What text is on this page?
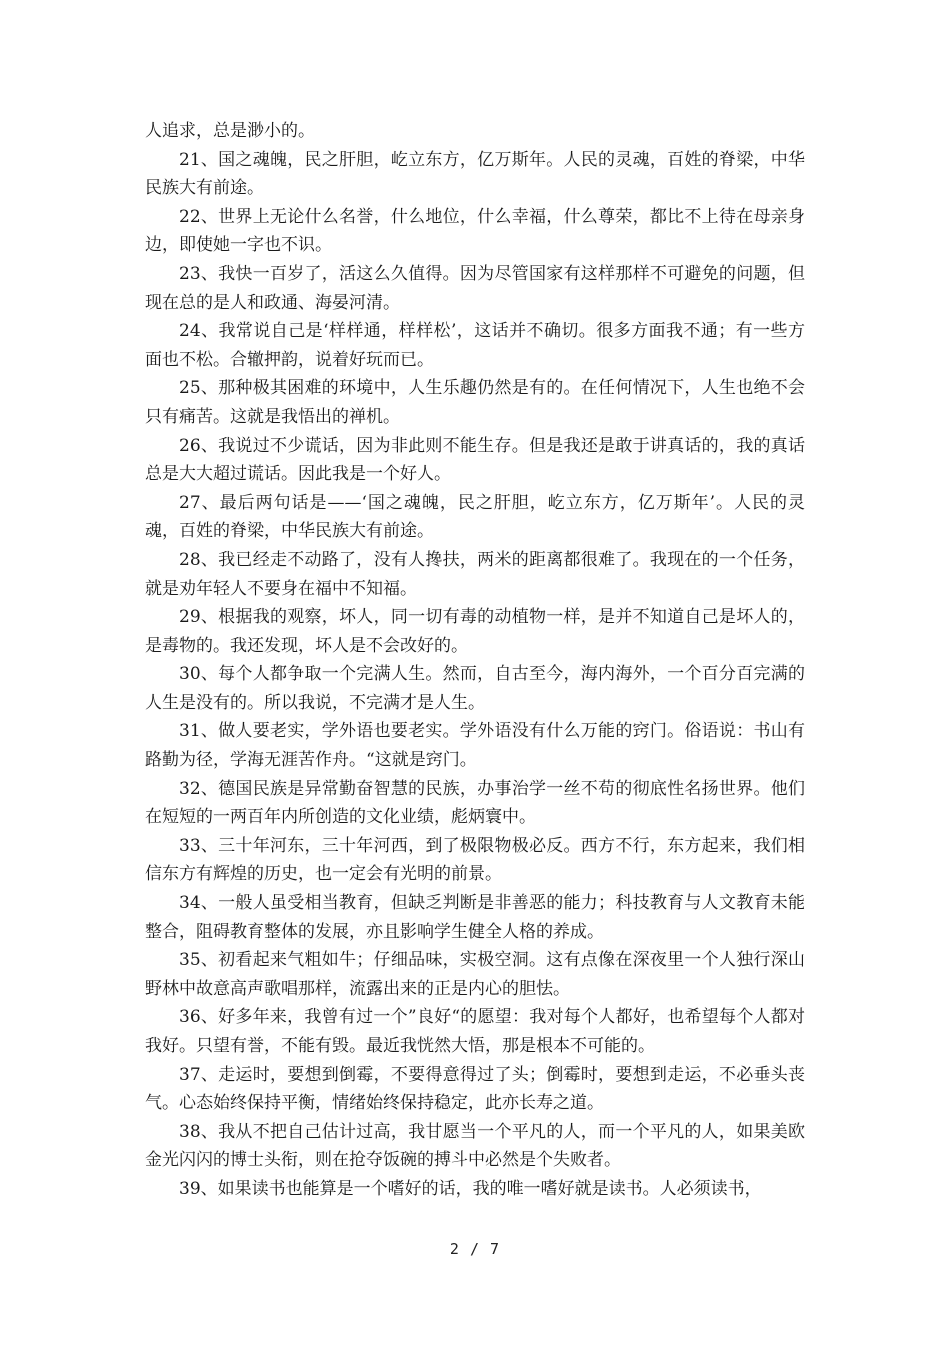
人追求，总是渺小的。

21、国之魂魄，民之肝胆，屹立东方，亿万斯年。人民的灵魂，百姓的脊梁，中华民族大有前途。

22、世界上无论什么名誉，什么地位，什么幸福，什么尊荣，都比不上待在母亲身边，即使她一字也不识。

23、我快一百岁了，活这么久值得。因为尽管国家有这样那样不可避免的问题，但现在总的是人和政通、海晏河清。

24、我常说自己是‘样样通，样样松’，这话并不确切。很多方面我不通；有一些方面也不松。合辙押韵，说着好玩而已。

25、那种极其困难的环境中，人生乐趣仍然是有的。在任何情况下，人生也绝不会只有痛苦。这就是我悟出的禅机。

26、我说过不少谎话，因为非此则不能生存。但是我还是敢于讲真话的，我的真话总是大大超过谎话。因此我是一个好人。

27、最后两句话是——‘国之魂魄，民之肝胆，屹立东方，亿万斯年’。人民的灵魂，百姓的脊梁，中华民族大有前途。

28、我已经走不动路了，没有人搀扶，两米的距离都很难了。我现在的一个任务，就是劝年轻人不要身在福中不知福。

29、根据我的观察，坏人，同一切有毒的动植物一样，是并不知道自己是坏人的，是毒物的。我还发现，坏人是不会改好的。

30、每个人都争取一个完满人生。然而，自古至今，海内海外，一个百分百完满的人生是没有的。所以我说，不完满才是人生。

31、做人要老实，学外语也要老实。学外语没有什么万能的窍门。俗语说：书山有路勤为径，学海无涯苦作舟。“这就是窍门。

32、德国民族是异常勤奋智慧的民族，办事治学一丝不苟的彻底性名扬世界。他们在短短的一两百年内所创造的文化业绩，彪炳寰中。

33、三十年河东，三十年河西，到了极限物极必反。西方不行，东方起来，我们相信东方有辉煌的历史，也一定会有光明的前景。

34、一般人虽受相当教育，但缺乏判断是非善恶的能力；科技教育与人文教育未能整合，阻碍教育整体的发展，亦且影响学生健全人格的养成。

35、初看起来气粗如牛；仔细品味，实极空洞。这有点像在深夜里一个人独行深山野林中故意高声歌唱那样，流露出来的正是内心的胆怯。

36、好多年来，我曾有过一个”良好“的愿望：我对每个人都好，也希望每个人都对我好。只望有誉，不能有毁。最近我恍然大悟，那是根本不可能的。

37、走运时，要想到倒霉，不要得意得过了头；倒霉时，要想到走运，不必垂头丧气。心态始终保持平衡，情绪始终保持稳定，此亦长寿之道。

38、我从不把自己估计过高，我甘愿当一个平凡的人，而一个平凡的人，如果美欧金光闪闪的博士头衔，则在抢夺饭碗的搏斗中必然是个失败者。

39、如果读书也能算是一个嗜好的话，我的唯一嗜好就是读书。人必须读书，

2 / 7
